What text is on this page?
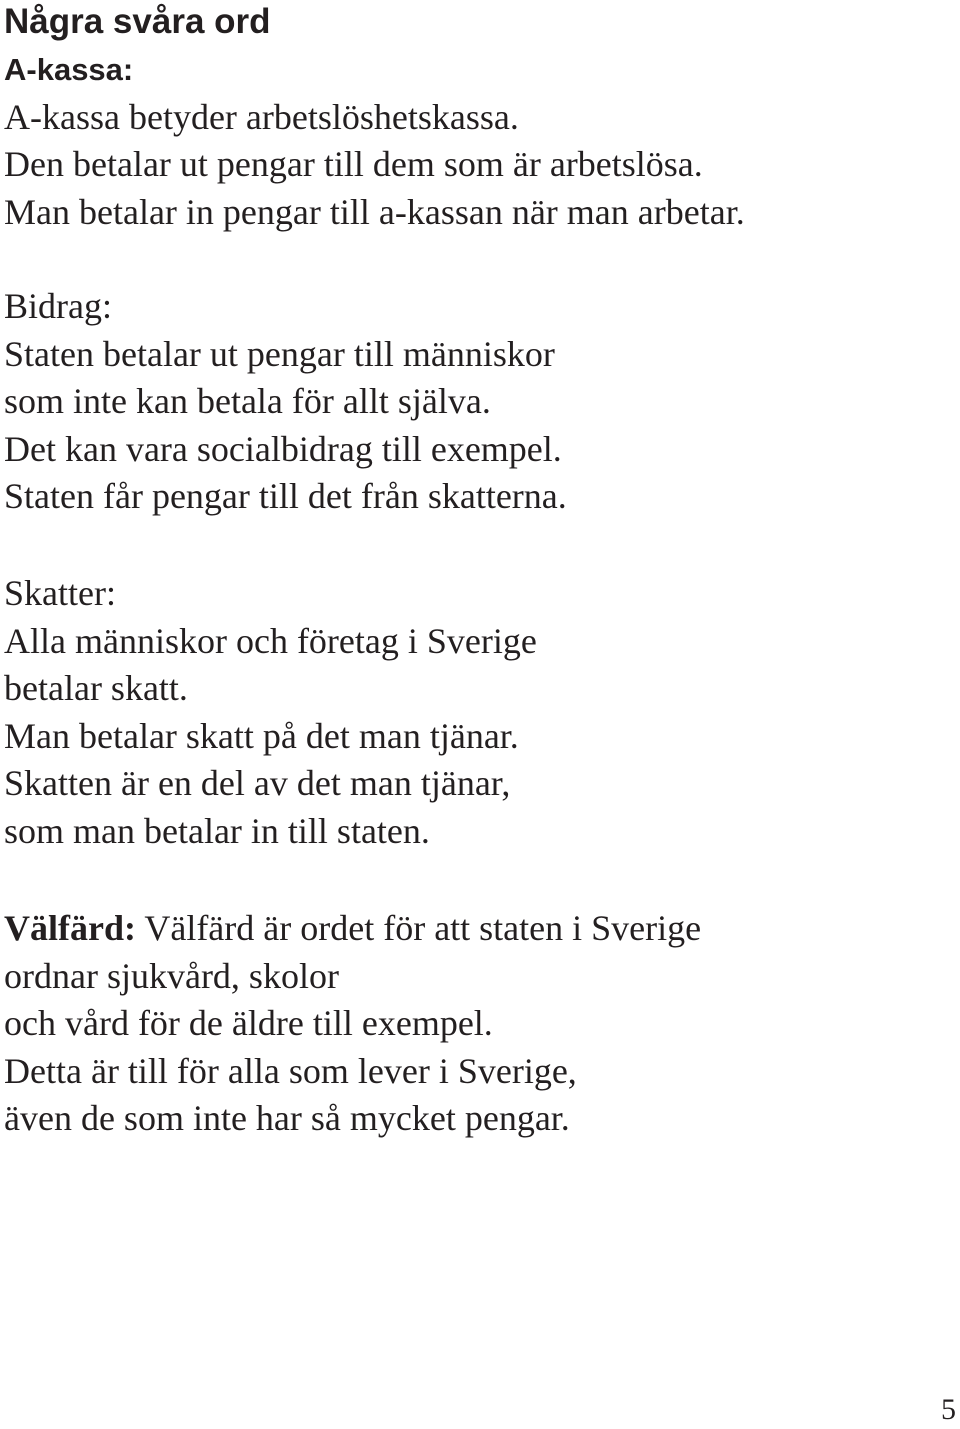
Några svåra ord

A-kassa:
A-kassa betyder arbetslöshetskassa.
Den betalar ut pengar till dem som är arbetslösa.
Man betalar in pengar till a-kassan när man arbetar.

Bidrag:
Staten betalar ut pengar till människor
som inte kan betala för allt själva.
Det kan vara socialbidrag till exempel.
Staten får pengar till det från skatterna.

Skatter:
Alla människor och företag i Sverige
betalar skatt.
Man betalar skatt på det man tjänar.
Skatten är en del av det man tjänar,
som man betalar in till staten.

Välfärd: Välfärd är ordet för att staten i Sverige
ordnar sjukvård, skolor
och vård för de äldre till exempel.
Detta är till för alla som lever i Sverige,
även de som inte har så mycket pengar.

5
